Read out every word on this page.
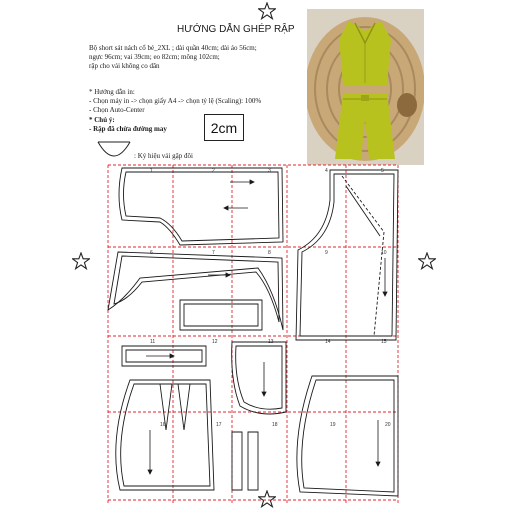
HƯỚNG DẪN GHÉP RẬP
Bộ short sát nách cổ bẻ_2XL ; dài quần 40cm; dài áo 56cm;
ngực 96cm; vai 39cm; eo 82cm; mông 102cm;
rập cho vải không co dãn
* Hướng dẫn in:
- Chọn máy in -> chọn giấy A4 -> chọn tỷ lệ (Scaling): 100%
- Chọn Auto-Center
* Chú ý:
- Rập đã chừa đường may	2cm
: Ký hiệu vải gập đôi
1	2	3	4	5
6	7	8	9	10
11	12	13	14	15
16	17	18	19	20
